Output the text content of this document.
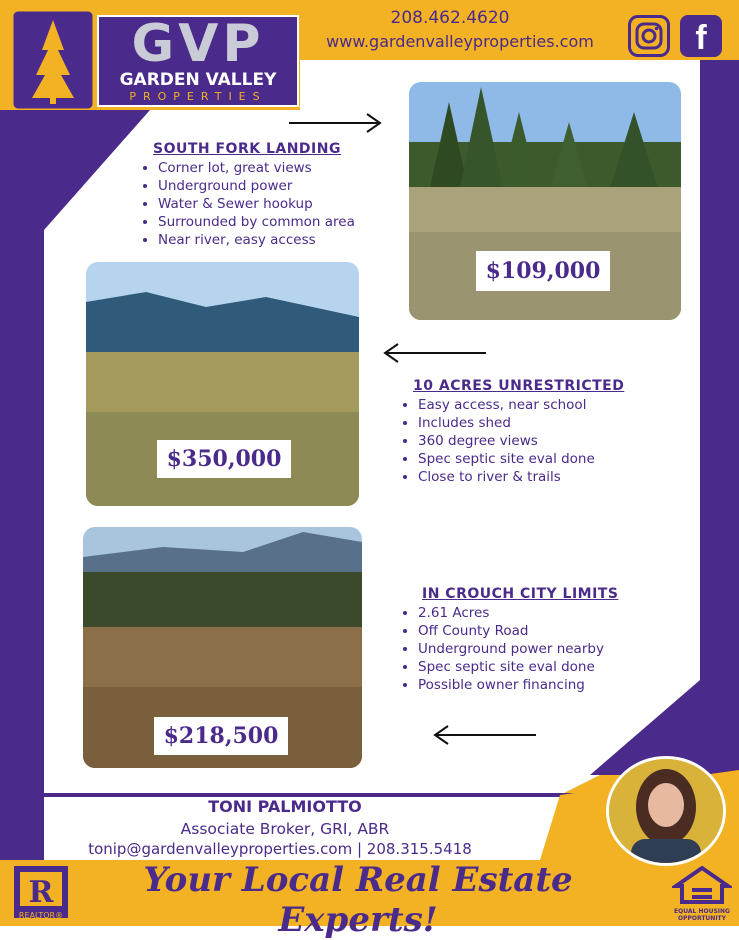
GVP
GARDEN VALLEY
PROPERTIES
208.462.4620
www.gardenvalleyproperties.com	f
SOUTH FORK LANDING
• Corner lot, great views
• Underground power
• Water & Sewer hookup
• Surrounded by common area
• Near river, easy access
$109,000
$350,000
10 ACRES UNRESTRICTED
• Easy access, near school
• Includes shed
• 360 degree views
• Spec septic site eval done
• Close to river & trails
$218,500
IN CROUCH CITY LIMITS
• 2.61 Acres
• Off County Road
• Underground power nearby
• Spec septic site eval done
• Possible owner financing
TONI PALMIOTTO
Associate Broker, GRI, ABR
tonip@gardenvalleyproperties.com | 208.315.5418
R
REALTOR®
Your Local Real Estate Experts!	EQUAL HOUSING OPPORTUNITY
